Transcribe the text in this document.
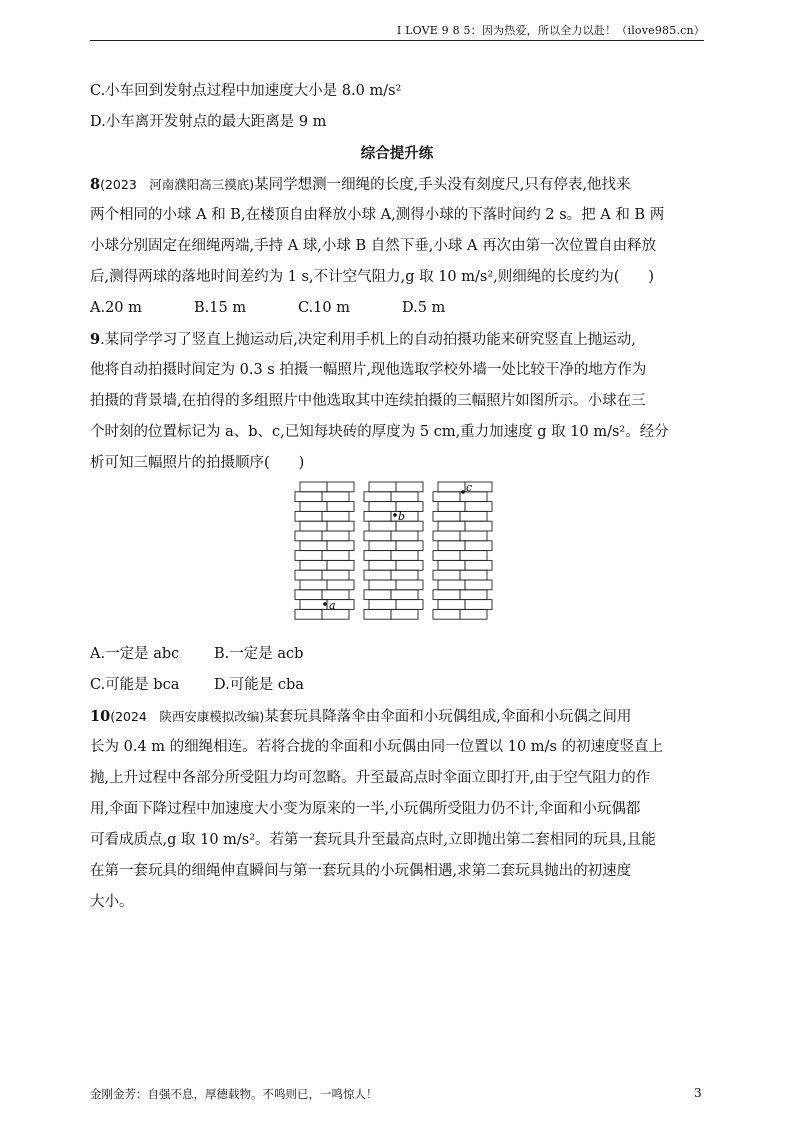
I LOVE 9 8 5：因为热爱，所以全力以赴！（ilove985.cn）
C.小车回到发射点过程中加速度大小是 8.0 m/s²
D.小车离开发射点的最大距离是 9 m
综合提升练
8(2023　河南濮阳高三摸底)某同学想测一细绳的长度,手头没有刻度尺,只有停表,他找来
两个相同的小球 A 和 B,在楼顶自由释放小球 A,测得小球的下落时间约 2 s。把 A 和 B 两
小球分别固定在细绳两端,手持 A 球,小球 B 自然下垂,小球 A 再次由第一次位置自由释放
后,测得两球的落地时间差约为 1 s,不计空气阻力,g 取 10 m/s²,则细绳的长度约为(　　)
A.20 m	B.15 m	C.10 m	D.5 m
9.某同学学习了竖直上抛运动后,决定利用手机上的自动拍摄功能来研究竖直上抛运动,
他将自动拍摄时间定为 0.3 s 拍摄一幅照片,现他选取学校外墙一处比较干净的地方作为
拍摄的背景墙,在拍得的多组照片中他选取其中连续拍摄的三幅照片如图所示。小球在三
个时刻的位置标记为 a、b、c,已知每块砖的厚度为 5 cm,重力加速度 g 取 10 m/s²。经分
析可知三幅照片的拍摄顺序(　　)
A.一定是 abc	B.一定是 acb
C.可能是 bca	D.可能是 cba
10(2024　陕西安康模拟改编)某套玩具降落伞由伞面和小玩偶组成,伞面和小玩偶之间用
长为 0.4 m 的细绳相连。若将合拢的伞面和小玩偶由同一位置以 10 m/s 的初速度竖直上
抛,上升过程中各部分所受阻力均可忽略。升至最高点时伞面立即打开,由于空气阻力的作
用,伞面下降过程中加速度大小变为原来的一半,小玩偶所受阻力仍不计,伞面和小玩偶都
可看成质点,g 取 10 m/s²。若第一套玩具升至最高点时,立即抛出第二套相同的玩具,且能
在第一套玩具的细绳伸直瞬间与第一套玩具的小玩偶相遇,求第二套玩具抛出的初速度
大小。
a
b
c
金刚金芳：自强不息，厚德载物。不鸣则已，一鸣惊人！	3
